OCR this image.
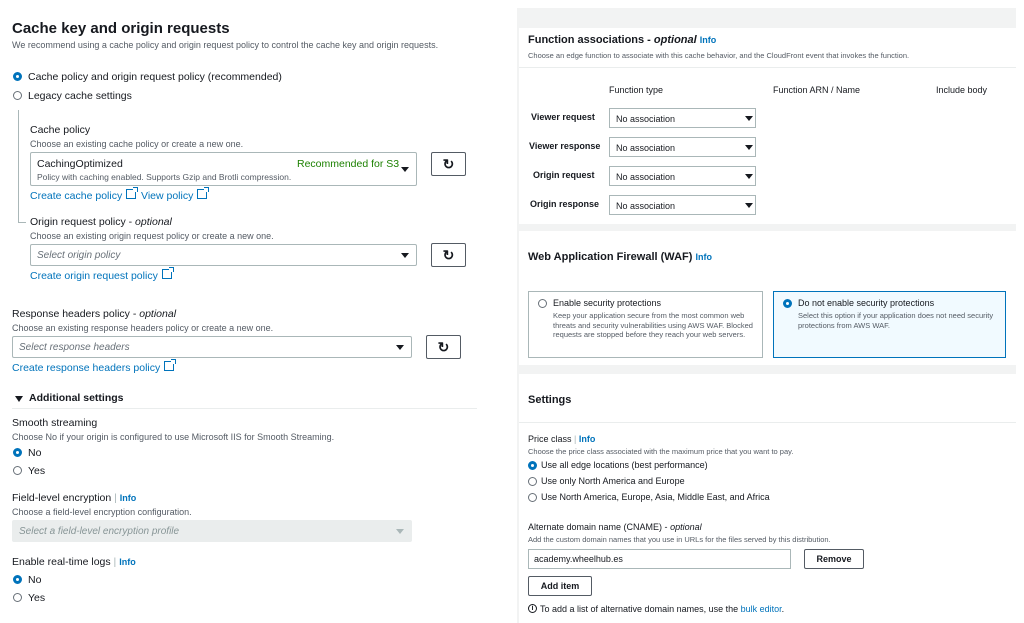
Cache key and origin requests
We recommend using a cache policy and origin request policy to control the cache key and origin requests.
Cache policy and origin request policy (recommended)
Legacy cache settings
Cache policy
Choose an existing cache policy or create a new one.
CachingOptimized
Policy with caching enabled. Supports Gzip and Brotli compression.
Recommended for S3	↻
Create cache policy	View policy
Origin request policy - optional
Choose an existing origin request policy or create a new one.
Select origin policy	↻
Create origin request policy
Response headers policy - optional
Choose an existing response headers policy or create a new one.
Select response headers	↻
Create response headers policy
Additional settings
Smooth streaming
Choose No if your origin is configured to use Microsoft IIS for Smooth Streaming.
No
Yes
Field-level encryption | Info
Choose a field-level encryption configuration.
Select a field-level encryption profile
Enable real-time logs | Info
No
Yes
Function associations - optional Info
Choose an edge function to associate with this cache behavior, and the CloudFront event that invokes the function.
Function type	Function ARN / Name	Include body
Viewer request No association
Viewer response No association
Origin request No association
Origin response No association
Web Application Firewall (WAF) Info
Enable security protections
Keep your application secure from the most common web threats and security vulnerabilities using AWS WAF. Blocked requests are stopped before they reach your web servers.
Do not enable security protections
Select this option if your application does not need security protections from AWS WAF.
Settings
Price class | Info
Choose the price class associated with the maximum price that you want to pay.
Use all edge locations (best performance)
Use only North America and Europe
Use North America, Europe, Asia, Middle East, and Africa
Alternate domain name (CNAME) - optional
Add the custom domain names that you use in URLs for the files served by this distribution.
academy.wheelhub.es	Remove
Add item
i To add a list of alternative domain names, use the bulk editor.
